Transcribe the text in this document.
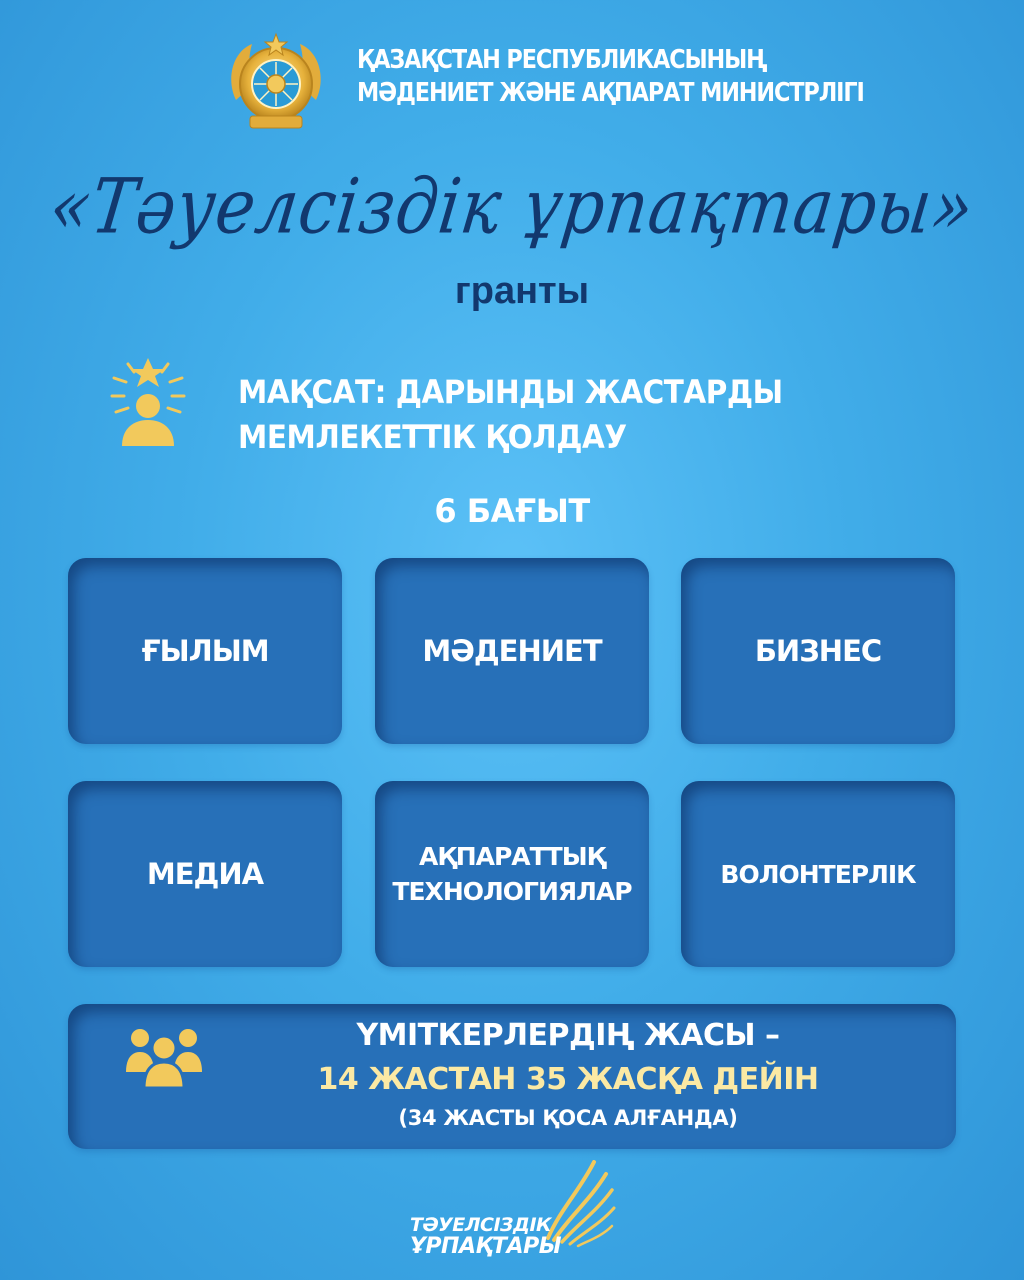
ҚАЗАҚСТАН РЕСПУБЛИКАСЫНЫҢ
МӘДЕНИЕТ ЖӘНЕ АҚПАРАТ МИНИСТРЛІГІ
«Тәуелсіздік ұрпақтары»
гранты
МАҚСАТ: ДАРЫНДЫ ЖАСТАРДЫ
МЕМЛЕКЕТТІК ҚОЛДАУ
6 БАҒЫТ
ҒЫЛЫМ	МӘДЕНИЕТ	БИЗНЕС
МЕДИА
АҚПАРАТТЫҚ
ТЕХНОЛОГИЯЛАР
ВОЛОНТЕРЛІК
ҮМІТКЕРЛЕРДІҢ ЖАСЫ –
14 ЖАСТАН 35 ЖАСҚА ДЕЙІН
(34 ЖАСТЫ ҚОСА АЛҒАНДА)
ТӘУЕЛСІЗДІК
ҰРПАҚТАРЫ
